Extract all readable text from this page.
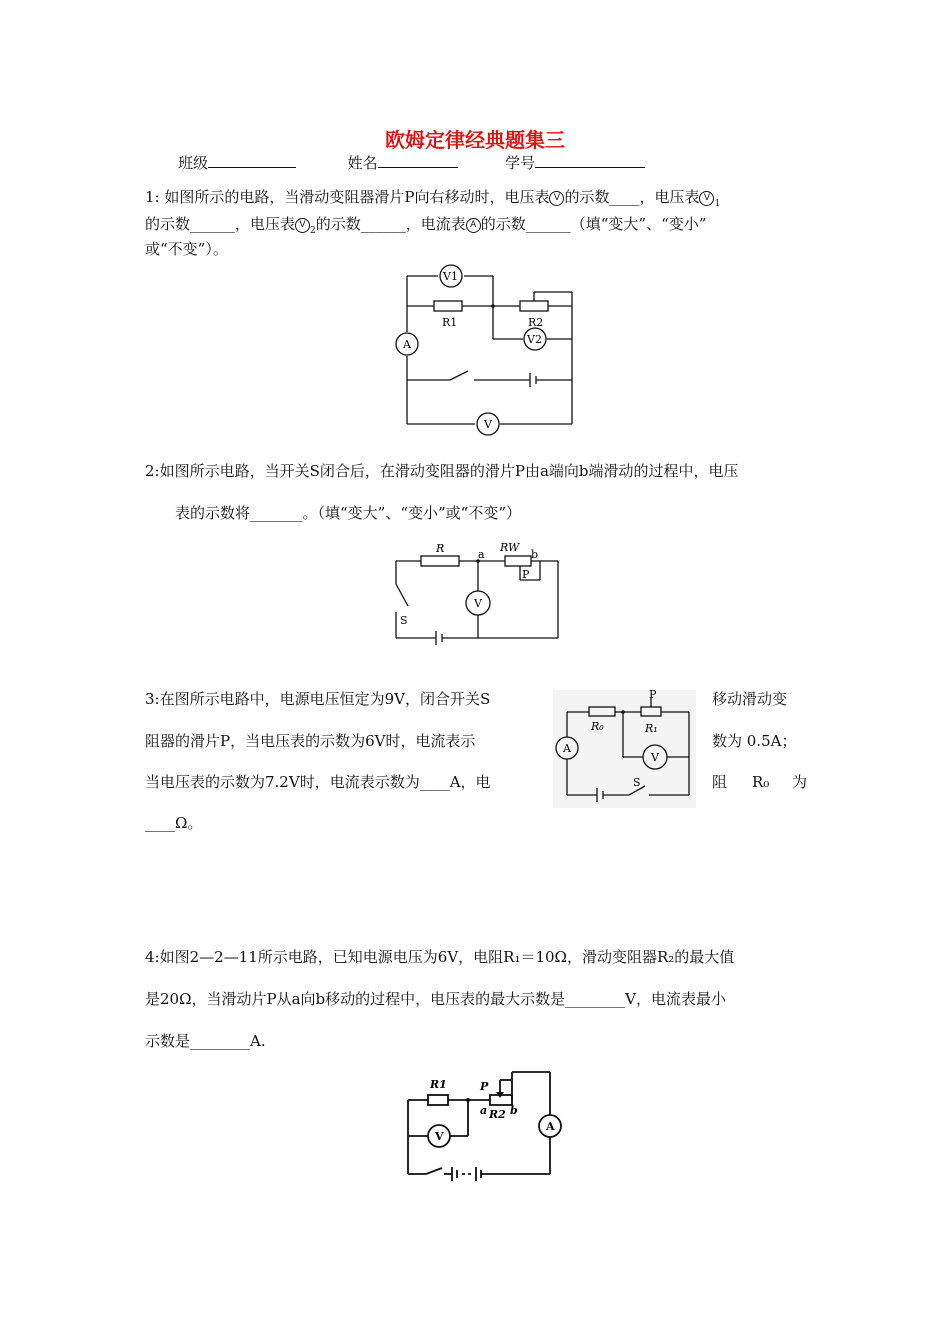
欧姆定律经典题集三
班级	姓名	学号
1: 如图所示的电路，当滑动变阻器滑片P向右移动时，电压表 V 的示数____，电压表 $V_1$
的示数______，电压表 $V_2$的示数______，电流表 A 的示数______（填“变大”、“变小”
或“不变”）。
V1
R1	R2
V2
A
V
2:如图所示电路，当开关S闭合后，在滑动变阻器的滑片P由a端向b端滑动的过程中，电压
表的示数将_______。（填“变大”、“变小”或“不变”）
R	a
RW
b
P
V
S
3:在图所示电路中，电源电压恒定为9V，闭合开关S
阻器的滑片P，当电压表的示数为6V时，电流表示
当电压表的示数为7.2V时，电流表示数为____A，电
____Ω。
移动滑动变
数为 0.5A；
阻 R₀ 为
P
R₀	R₁
A
V
S
4:如图2—2—11所示电路，已知电源电压为6V，电阻R₁＝10Ω，滑动变阻器R₂的最大值
是20Ω，当滑动片P从a向b移动的过程中，电压表的最大示数是________V，电流表最小
示数是________A.
R1	P
a R2 b
A
V
